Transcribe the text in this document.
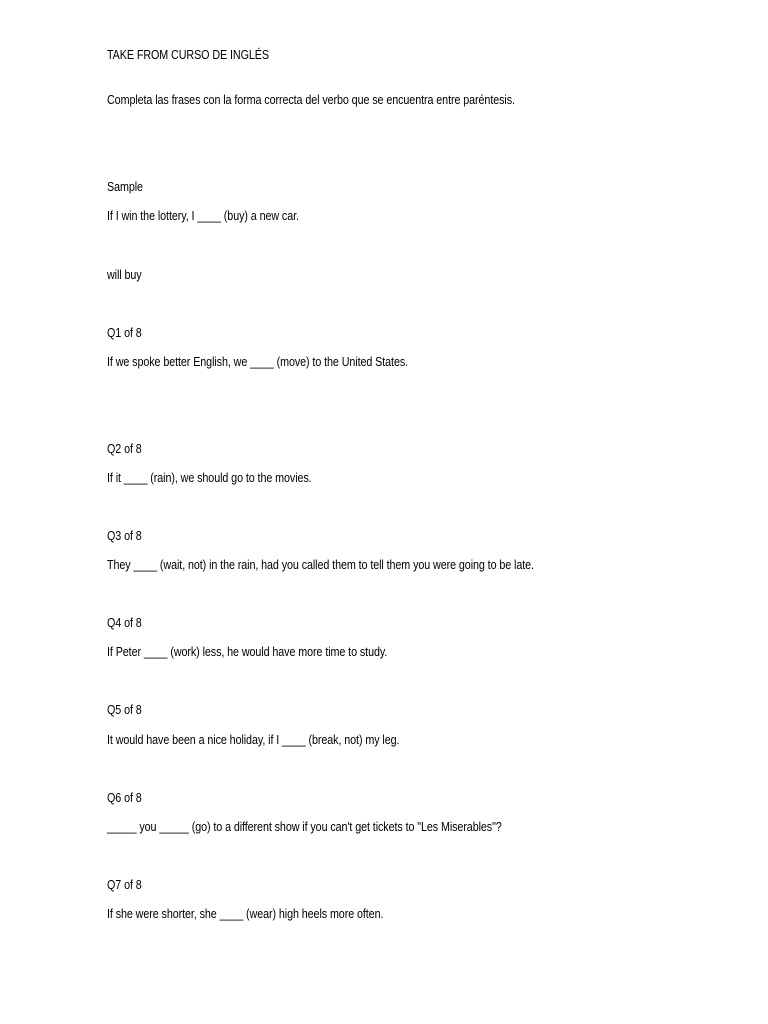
TAKE FROM CURSO DE INGLÉS
Completa las frases con la forma correcta del verbo que se encuentra entre paréntesis.
Sample
If I win the lottery, I ____ (buy) a new car.
will buy
Q1 of 8
If we spoke better English, we ____ (move) to the United States.
Q2 of 8
If it ____ (rain), we should go to the movies.
Q3 of 8
They ____ (wait, not) in the rain, had you called them to tell them you were going to be late.
Q4 of 8
If Peter ____ (work) less, he would have more time to study.
Q5 of 8
It would have been a nice holiday, if I ____ (break, not) my leg.
Q6 of 8
_____ you _____ (go) to a different show if you can't get tickets to "Les Miserables"?
Q7 of 8
If she were shorter, she ____ (wear) high heels more often.
